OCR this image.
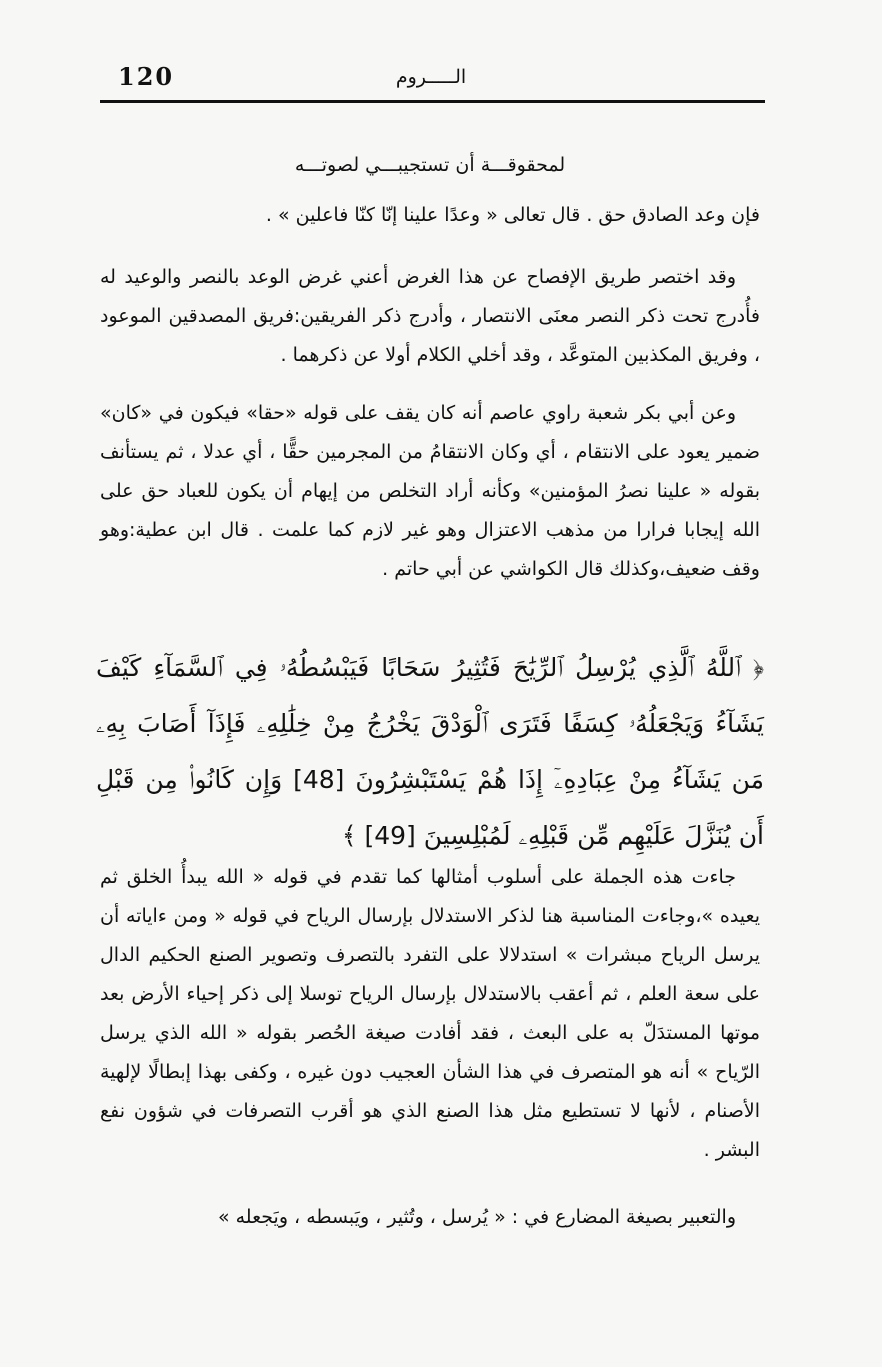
120	الـــــروم
لمحقوقـــة أن تستجيبـــي لصوتـــه
فإن وعد الصادق حق . قال تعالى « وعدًا علينا إنّا كنّا فاعلين » .
وقد اختصر طريق الإفصاح عن هذا الغرض أعني غرض الوعد بالنصر والوعيد له فأُدرج تحت ذكر النصر معنَى الانتصار ، وأدرج ذكر الفريقين:فريق المصدقين الموعود ، وفريق المكذبين المتوعَّد ، وقد أخلي الكلام أولا عن ذكرهما .
وعن أبي بكر شعبة راوي عاصم أنه كان يقف على قوله «حقا» فيكون في «كان» ضمير يعود على الانتقام ، أي وكان الانتقامُ من المجرمين حقًّا ، أي عدلا ، ثم يستأنف بقوله « علينا نصرُ المؤمنين» وكأنه أراد التخلص من إيهام أن يكون للعباد حق على الله إيجابا فرارا من مذهب الاعتزال وهو غير لازم كما علمت . قال ابن عطية:وهو وقف ضعيف،وكذلك قال الكواشي عن أبي حاتم .
﴿ ٱللَّهُ ٱلَّذِي يُرْسِلُ ٱلرِّيَٰحَ فَتُثِيرُ سَحَابًا فَيَبْسُطُهُۥ فِي ٱلسَّمَآءِ كَيْفَ يَشَآءُ وَيَجْعَلُهُۥ كِسَفًا فَتَرَى ٱلْوَدْقَ يَخْرُجُ مِنْ خِلَٰلِهِۦ فَإِذَآ أَصَابَ بِهِۦ مَن يَشَآءُ مِنْ عِبَادِهِۦٓ إِذَا هُمْ يَسْتَبْشِرُونَ [48] وَإِن كَانُوا۟ مِن قَبْلِ أَن يُنَزَّلَ عَلَيْهِم مِّن قَبْلِهِۦ لَمُبْلِسِينَ [49] ﴾
جاءت هذه الجملة على أسلوب أمثالها كما تقدم في قوله « الله يبدأُ الخلق ثم يعيده »،وجاءت المناسبة هنا لذكر الاستدلال بإرسال الرياح في قوله « ومن ءاياته أن يرسل الرياح مبشرات » استدلالا على التفرد بالتصرف وتصوير الصنع الحكيم الدال على سعة العلم ، ثم أعقب بالاستدلال بإرسال الرياح توسلا إلى ذكر إحياء الأرض بعد موتها المستدَلّ به على البعث ، فقد أفادت صيغة الحُصر بقوله « الله الذي يرسل الرّياح » أنه هو المتصرف في هذا الشأن العجيب دون غيره ، وكفى بهذا إبطالًا لإلهية الأصنام ، لأنها لا تستطيع مثل هذا الصنع الذي هو أقرب التصرفات في شؤون نفع البشر .
والتعبير بصيغة المضارع في : « يُرسل ، وتُثير ، ويَبسطه ، ويَجعله »
